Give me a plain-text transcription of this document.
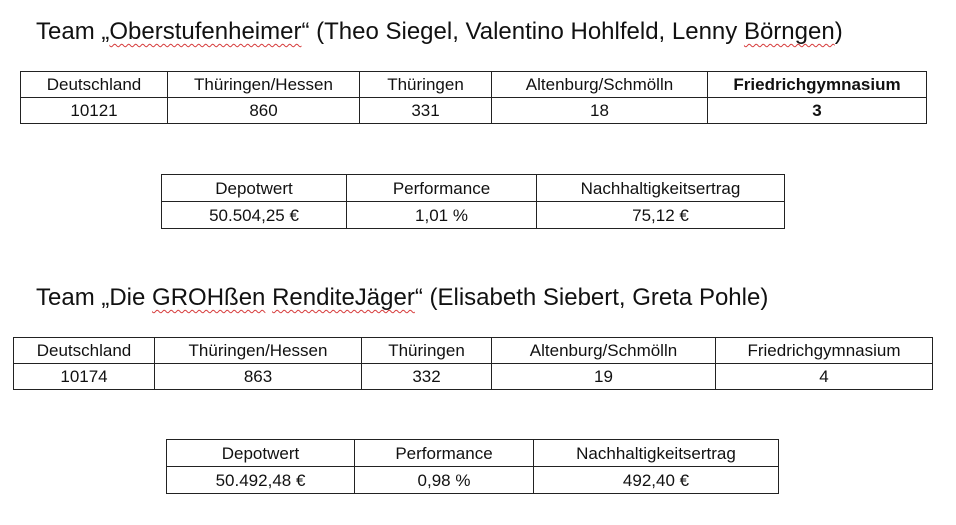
Team „Oberstufenheimer“ (Theo Siegel, Valentino Hohlfeld, Lenny Börngen)
Deutschland	Thüringen/Hessen	Thüringen	Altenburg/Schmölln	Friedrichgymnasium
10121	860	331	18	3
Depotwert	Performance	Nachhaltigkeitsertrag
50.504,25 €	1,01 %	75,12 €
Team „Die GROHßen RenditeJäger“ (Elisabeth Siebert, Greta Pohle)
Deutschland	Thüringen/Hessen	Thüringen	Altenburg/Schmölln	Friedrichgymnasium
10174	863	332	19	4
Depotwert	Performance	Nachhaltigkeitsertrag
50.492,48 €	0,98 %	492,40 €
